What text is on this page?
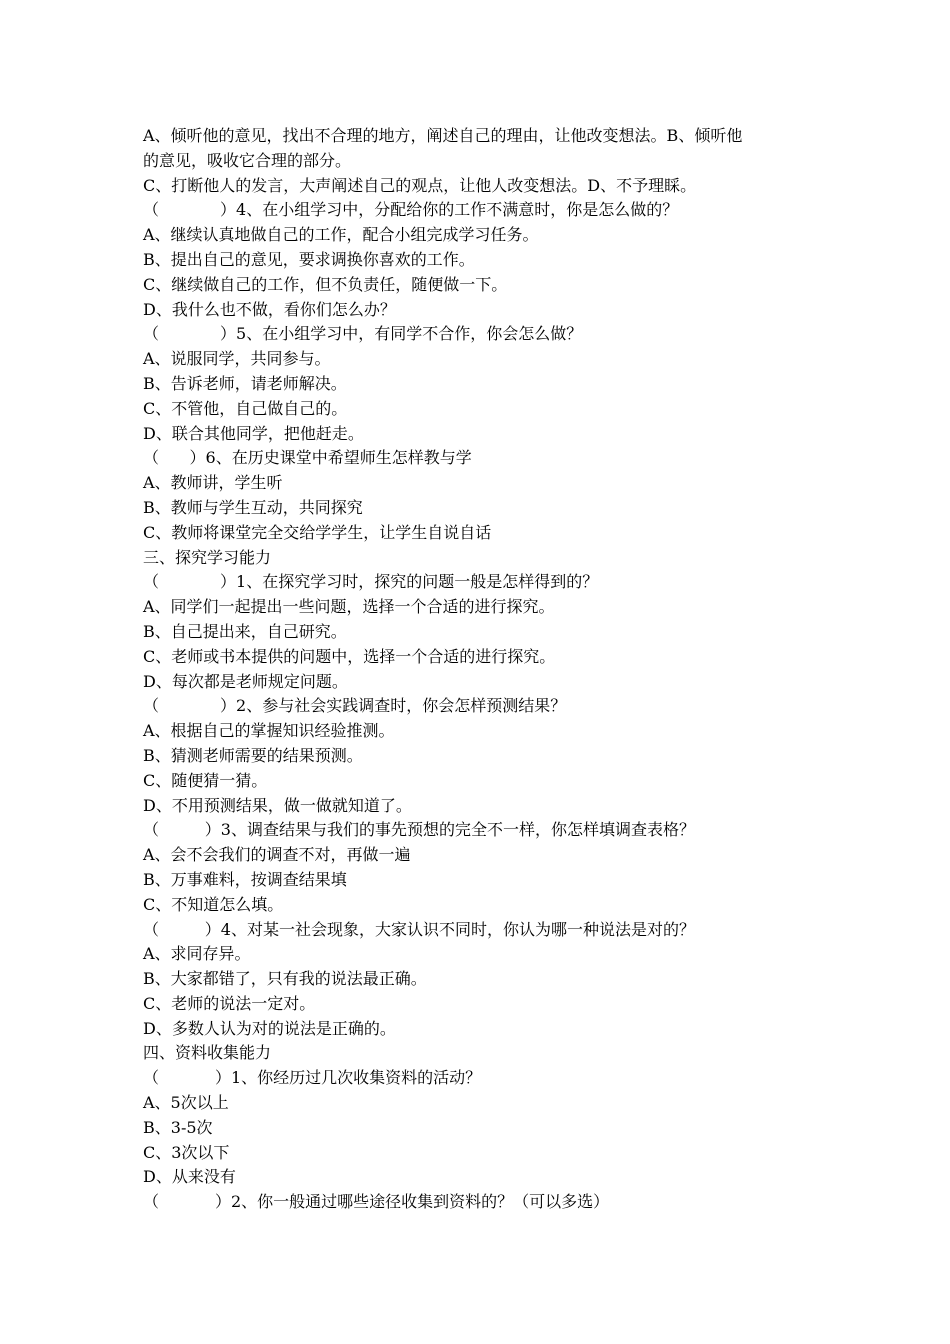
A、倾听他的意见，找出不合理的地方，阐述自己的理由，让他改变想法。B、倾听他
的意见，吸收它合理的部分。
C、打断他人的发言，大声阐述自己的观点，让他人改变想法。D、不予理睬。
（            ）4、在小组学习中，分配给你的工作不满意时，你是怎么做的？
A、继续认真地做自己的工作，配合小组完成学习任务。
B、提出自己的意见，要求调换你喜欢的工作。
C、继续做自己的工作，但不负责任，随便做一下。
D、我什么也不做，看你们怎么办？
（            ）5、在小组学习中，有同学不合作，你会怎么做？
A、说服同学，共同参与。
B、告诉老师，请老师解决。
C、不管他，自己做自己的。
D、联合其他同学，把他赶走。
（      ）6、在历史课堂中希望师生怎样教与学
A、教师讲，学生听
B、教师与学生互动，共同探究
C、教师将课堂完全交给学学生，让学生自说自话
三、探究学习能力
（            ）1、在探究学习时，探究的问题一般是怎样得到的？
A、同学们一起提出一些问题，选择一个合适的进行探究。
B、自己提出来，自己研究。
C、老师或书本提供的问题中，选择一个合适的进行探究。
D、每次都是老师规定问题。
（            ）2、参与社会实践调查时，你会怎样预测结果？
A、根据自己的掌握知识经验推测。
B、猜测老师需要的结果预测。
C、随便猜一猜。
D、不用预测结果，做一做就知道了。
（         ）3、调查结果与我们的事先预想的完全不一样，你怎样填调查表格？
A、会不会我们的调查不对，再做一遍
B、万事难料，按调查结果填
C、不知道怎么填。
（         ）4、对某一社会现象，大家认识不同时，你认为哪一种说法是对的？
A、求同存异。
B、大家都错了，只有我的说法最正确。
C、老师的说法一定对。
D、多数人认为对的说法是正确的。
四、资料收集能力
（           ）1、你经历过几次收集资料的活动？
A、5次以上
B、3-5次
C、3次以下
D、从来没有
（           ）2、你一般通过哪些途径收集到资料的？（可以多选）
